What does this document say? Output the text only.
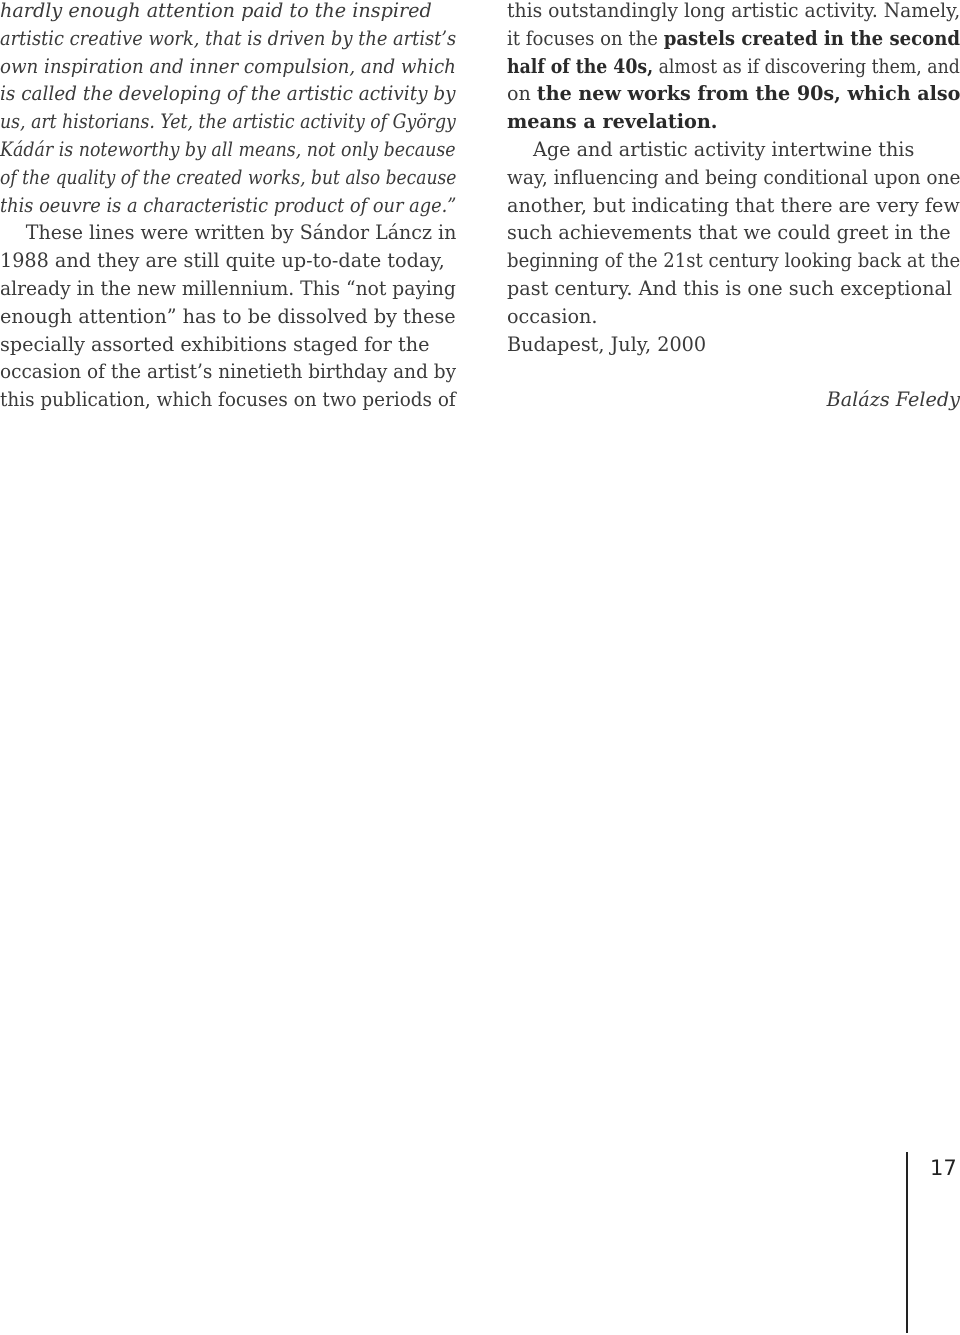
hardly enough attention paid to the inspired
artistic creative work, that is driven by the artist’s
own inspiration and inner compulsion, and which
is called the developing of the artistic activity by
us, art historians. Yet, the artistic activity of György
Kádár is noteworthy by all means, not only because
of the quality of the created works, but also because
this oeuvre is a characteristic product of our age.”
These lines were written by Sándor Láncz in
1988 and they are still quite up-to-date today,
already in the new millennium. This “not paying
enough attention” has to be dissolved by these
specially assorted exhibitions staged for the
occasion of the artist’s ninetieth birthday and by
this publication, which focuses on two periods of
this outstandingly long artistic activity. Namely,
it focuses on the pastels created in the second
half of the 40s, almost as if discovering them, and
on the new works from the 90s, which also
means a revelation.
Age and artistic activity intertwine this
way, influencing and being conditional upon one
another, but indicating that there are very few
such achievements that we could greet in the
beginning of the 21st century looking back at the
past century. And this is one such exceptional
occasion.
Budapest, July, 2000
Balázs Feledy
17
